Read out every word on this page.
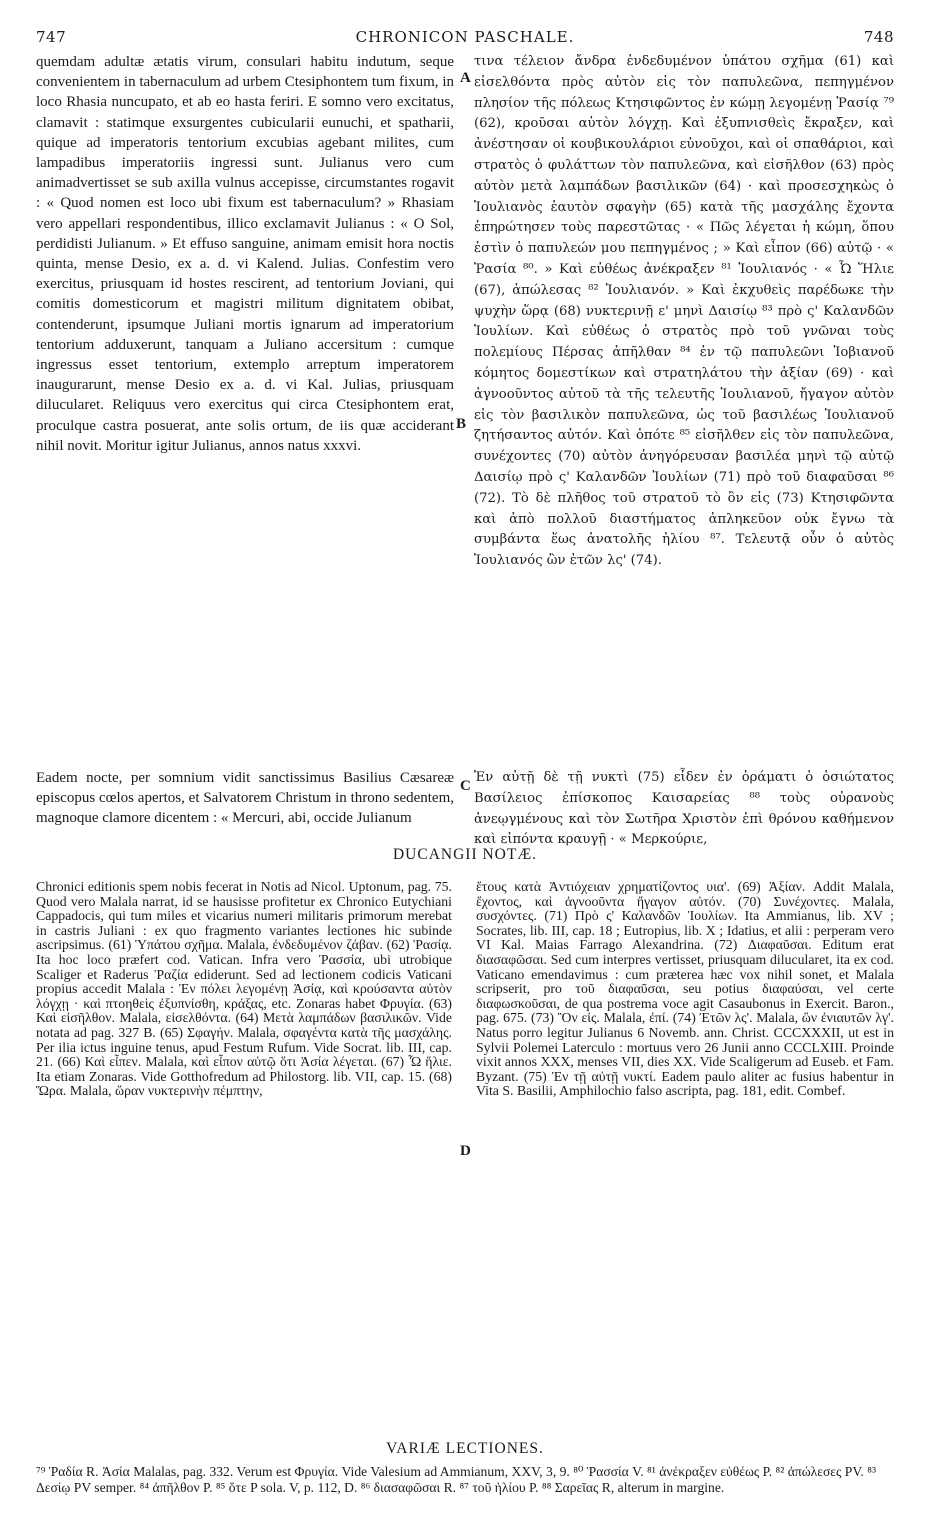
747	CHRONICON PASCHALE.	748

quemdam adultæ ætatis virum, consulari habitu indutum, seque convenientem in tabernaculum ad urbem Ctesiphontem tum fixum, in loco Rhasia nuncupato, et ab eo hasta feriri. E somno vero excitatus, clamavit : statimque exsurgentes cubicularii eunuchi, et spatharii, quique ad imperatoris tentorium excubias agebant milites, cum lampadibus imperatoriis ingressi sunt. Julianus vero cum animadvertisset se sub axilla vulnus accepisse, circumstantes rogavit : « Quod nomen est loco ubi fixum est tabernaculum? » Rhasiam vero appellari respondentibus, illico exclamavit Julianus : « O Sol, perdidisti Julianum. » Et effuso sanguine, animam emisit hora noctis quinta, mense Desio, ex a. d. vi Kalend. Julias. Confestim vero exercitus, priusquam id hostes rescirent, ad tentorium Joviani, qui comitis domesticorum et magistri militum dignitatem obibat, contenderunt, ipsumque Juliani mortis ignarum ad imperatorium tentorium adduxerunt, tanquam a Juliano accersitum : cumque ingressus esset tentorium, extemplo arreptum imperatorem inaugurarunt, mense Desio ex a. d. vi Kal. Julias, priusquam dilucularet. Reliquus vero exercitus qui circa Ctesiphontem erat, proculque castra posuerat, ante solis ortum, de iis quæ acciderant nihil novit. Moritur igitur Julianus, annos natus xxxvi.

A
B

τινα τέλειον ἄνδρα ἐνδεδυμένον ὑπάτου σχῆμα (61) καὶ εἰσελθόντα πρὸς αὐτὸν εἰς τὸν παπυλεῶνα, πεπηγμένον πλησίον τῆς πόλεως Κτησιφῶντος ἐν κώμῃ λεγομένῃ Ῥασίᾳ ⁷⁹ (62), κροῦσαι αὐτὸν λόγχῃ. Καὶ ἐξυπνισθεὶς ἔκραξεν, καὶ ἀνέστησαν οἱ κουβικουλάριοι εὐνοῦχοι, καὶ οἱ σπαθάριοι, καὶ στρατὸς ὁ φυλάττων τὸν παπυλεῶνα, καὶ εἰσῆλθον (63) πρὸς αὐτὸν μετὰ λαμπάδων βασιλικῶν (64) · καὶ προσεσχηκὼς ὁ Ἰουλιανὸς ἑαυτὸν σφαγὴν (65) κατὰ τῆς μασχάλης ἔχοντα ἐπηρώτησεν τοὺς παρεστῶτας · « Πῶς λέγεται ἡ κώμη, ὅπου ἐστὶν ὁ παπυλεών μου πεπηγμένος ; » Καὶ εἶπον (66) αὐτῷ · « Ῥασία ⁸⁰. » Καὶ εὐθέως ἀνέκραξεν ⁸¹ Ἰουλιανός · « Ὦ Ἥλιε (67), ἀπώλεσας ⁸² Ἰουλιανόν. » Καὶ ἐκχυθεὶς παρέδωκε τὴν ψυχὴν ὥρᾳ (68) νυκτερινῇ ε' μηνὶ Δαισίῳ ⁸³ πρὸ ς' Καλανδῶν Ἰουλίων. Καὶ εὐθέως ὁ στρατὸς πρὸ τοῦ γνῶναι τοὺς πολεμίους Πέρσας ἀπῆλθαν ⁸⁴ ἐν τῷ παπυλεῶνι Ἰοβιανοῦ κόμητος δομεστίκων καὶ στρατηλάτου τὴν ἀξίαν (69) · καὶ ἀγνοοῦντος αὐτοῦ τὰ τῆς τελευτῆς Ἰουλιανοῦ, ἤγαγον αὐτὸν εἰς τὸν βασιλικὸν παπυλεῶνα, ὡς τοῦ βασιλέως Ἰουλιανοῦ ζητήσαντος αὐτόν. Καὶ ὁπότε ⁸⁵ εἰσῆλθεν εἰς τὸν παπυλεῶνα, συνέχοντες (70) αὐτὸν ἀνηγόρευσαν βασιλέα μηνὶ τῷ αὐτῷ Δαισίῳ πρὸ ς' Καλανδῶν Ἰουλίων (71) πρὸ τοῦ διαφαῦσαι ⁸⁶ (72). Τὸ δὲ πλῆθος τοῦ στρατοῦ τὸ ὂν εἰς (73) Κτησιφῶντα καὶ ἀπὸ πολλοῦ διαστήματος ἀπληκεῦον οὐκ ἔγνω τὰ συμβάντα ἕως ἀνατολῆς ἡλίου ⁸⁷. Τελευτᾷ οὖν ὁ αὐτὸς Ἰουλιανός ὢν ἐτῶν λς' (74).

Eadem nocte, per somnium vidit sanctissimus Basilius Cæsareæ episcopus cœlos apertos, et Salvatorem Christum in throno sedentem, magnoque clamore dicentem : « Mercuri, abi, occide Julianum

C

Ἐν αὐτῇ δὲ τῇ νυκτὶ (75) εἶδεν ἐν ὁράματι ὁ ὁσιώτατος Βασίλειος ἐπίσκοπος Καισαρείας ⁸⁸ τοὺς οὐρανοὺς ἀνεῳγμένους καὶ τὸν Σωτῆρα Χριστὸν ἐπὶ θρόνου καθήμενον καὶ εἰπόντα κραυγῇ · « Μερκούριε,

DUCANGII NOTÆ.

Chronici editionis spem nobis fecerat in Notis ad Nicol. Uptonum, pag. 75. Quod vero Malala narrat, id se hausisse profitetur ex Chronico Eutychiani Cappadocis, qui tum miles et vicarius numeri militaris primorum merebat in castris Juliani : ex quo fragmento variantes lectiones hic subinde ascripsimus. (61) Ὑπάτου σχῆμα. Malala, ἐνδεδυμένον ζάβαν. (62) Ῥασίᾳ. Ita hoc loco præfert cod. Vatican. Infra vero Ῥασσία, ubi utrobique Scaliger et Raderus Ῥαζία ediderunt. Sed ad lectionem codicis Vaticani propius accedit Malala : Ἐν πόλει λεγομένῃ Ἀσίᾳ, καὶ κρούσαντα αὐτὸν λόγχῃ · καὶ πτοηθεὶς ἐξυπνίσθη, κράξας, etc. Zonaras habet Φρυγία. (63) Καὶ εἰσῆλθον. Malala, εἰσελθόντα. (64) Μετὰ λαμπάδων βασιλικῶν. Vide notata ad pag. 327 B. (65) Σφαγήν. Malala, σφαγέντα κατὰ τῆς μασχάλης. Per ilia ictus inguine tenus, apud Festum Rufum. Vide Socrat. lib. III, cap. 21. (66) Καὶ εἶπεν. Malala, καὶ εἶπον αὐτῷ ὅτι Ἀσία λέγεται. (67) Ὦ ἥλιε. Ita etiam Zonaras. Vide Gotthofredum ad Philostorg. lib. VII, cap. 15. (68) Ὥρα. Malala, ὥραν νυκτερινὴν πέμπτην,

D

ἔτους κατὰ Ἀντιόχειαν χρηματίζοντος υια'. (69) Ἀξίαν. Addit Malala, ἔχοντος, καὶ ἀγνοοῦντα ἤγαγον αὐτόν. (70) Συνέχοντες. Malala, συσχόντες. (71) Πρὸ ς' Καλανδῶν Ἰουλίων. Ita Ammianus, lib. XV ; Socrates, lib. III, cap. 18 ; Eutropius, lib. X ; Idatius, et alii : perperam vero VI Kal. Maias Farrago Alexandrina. (72) Διαφαῦσαι. Editum erat διασαφῶσαι. Sed cum interpres vertisset, priusquam dilucularet, ita ex cod. Vaticano emendavimus : cum præterea hæc vox nihil sonet, et Malala scripserit, pro τοῦ διαφαῦσαι, seu potius διαφαύσαι, vel certe διαφωσκοῦσαι, de qua postrema voce agit Casaubonus in Exercit. Baron., pag. 675. (73) Ὂν εἰς. Malala, ἐπί. (74) Ἐτῶν λς'. Malala, ὢν ἐνιαυτῶν λγ'. Natus porro legitur Julianus 6 Novemb. ann. Christ. CCCXXXII, ut est in Sylvii Polemei Laterculo : mortuus vero 26 Junii anno CCCLXIII. Proinde vixit annos XXX, menses VII, dies XX. Vide Scaligerum ad Euseb. et Fam. Byzant. (75) Ἐν τῇ αὐτῇ νυκτί. Eadem paulo aliter ac fusius habentur in Vita S. Basilii, Amphilochio falso ascripta, pag. 181, edit. Combef.

VARIÆ LECTIONES.

⁷⁹ Ῥαδία R. Ἀσία Malalas, pag. 332. Verum est Φρυγία. Vide Valesium ad Ammianum, XXV, 3, 9. ⁸⁰ Ῥασσία V. ⁸¹ ἀνέκραξεν εὐθέως P. ⁸² ἀπώλεσες PV. ⁸³ Δεσίῳ PV semper. ⁸⁴ ἀπῆλθον P. ⁸⁵ ὅτε P sola. V, p. 112, D. ⁸⁶ διασαφῶσαι R. ⁸⁷ τοῦ ἡλίου P. ⁸⁸ Σαρεῖας R, alterum in margine.
